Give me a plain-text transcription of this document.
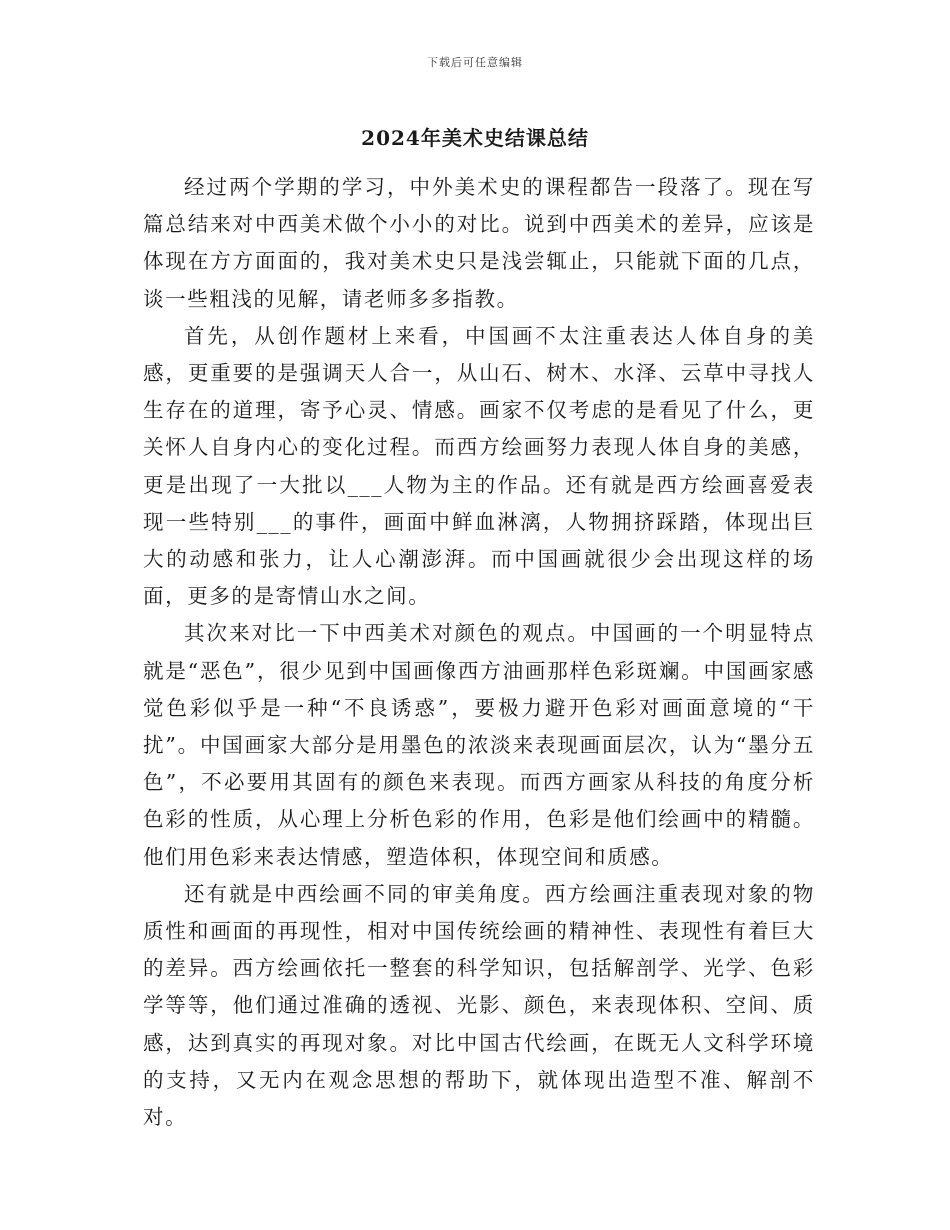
下载后可任意编辑
2024年美术史结课总结

经过两个学期的学习，中外美术史的课程都告一段落了。现在写篇总结来对中西美术做个小小的对比。说到中西美术的差异，应该是体现在方方面面的，我对美术史只是浅尝辄止，只能就下面的几点，谈一些粗浅的见解，请老师多多指教。

首先，从创作题材上来看，中国画不太注重表达人体自身的美感，更重要的是强调天人合一，从山石、树木、水泽、云草中寻找人生存在的道理，寄予心灵、情感。画家不仅考虑的是看见了什么，更关怀人自身内心的变化过程。而西方绘画努力表现人体自身的美感，更是出现了一大批以___人物为主的作品。还有就是西方绘画喜爱表现一些特别___的事件，画面中鲜血淋漓，人物拥挤踩踏，体现出巨大的动感和张力，让人心潮澎湃。而中国画就很少会出现这样的场面，更多的是寄情山水之间。

其次来对比一下中西美术对颜色的观点。中国画的一个明显特点就是“恶色”，很少见到中国画像西方油画那样色彩斑斓。中国画家感觉色彩似乎是一种“不良诱惑”，要极力避开色彩对画面意境的“干扰”。中国画家大部分是用墨色的浓淡来表现画面层次，认为“墨分五色”，不必要用其固有的颜色来表现。而西方画家从科技的角度分析色彩的性质，从心理上分析色彩的作用，色彩是他们绘画中的精髓。他们用色彩来表达情感，塑造体积，体现空间和质感。

还有就是中西绘画不同的审美角度。西方绘画注重表现对象的物质性和画面的再现性，相对中国传统绘画的精神性、表现性有着巨大的差异。西方绘画依托一整套的科学知识，包括解剖学、光学、色彩学等等，他们通过准确的透视、光影、颜色，来表现体积、空间、质感，达到真实的再现对象。对比中国古代绘画，在既无人文科学环境的支持，又无内在观念思想的帮助下，就体现出造型不准、解剖不对。
